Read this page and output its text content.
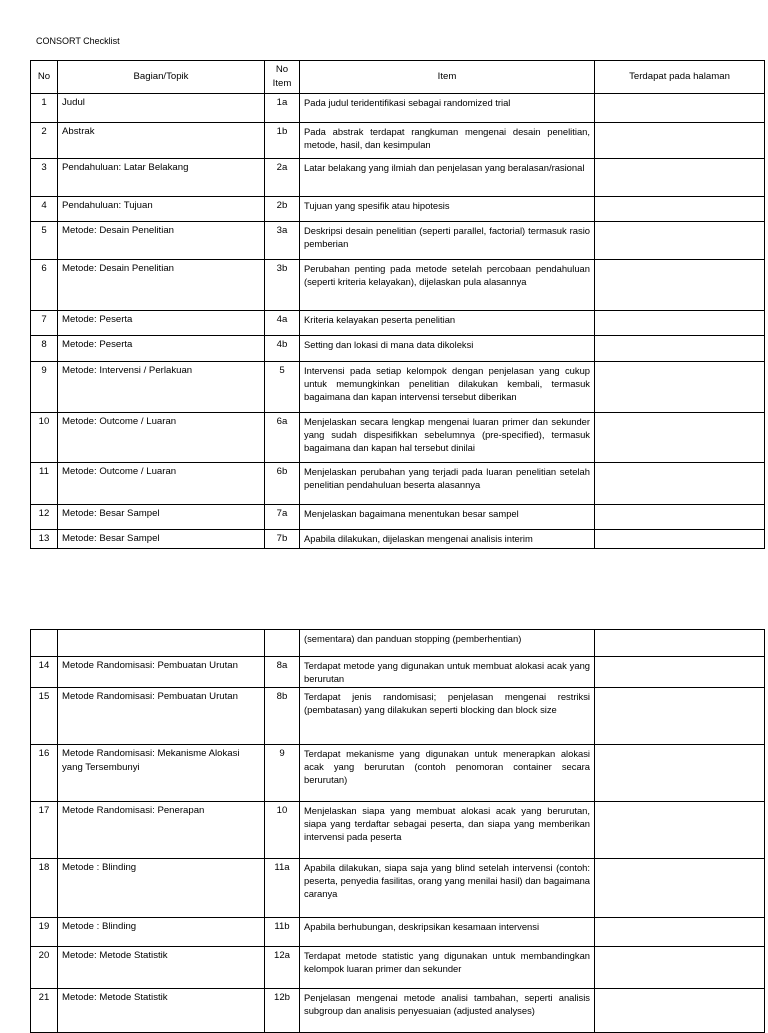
CONSORT Checklist
No	Bagian/Topik	No Item	Item	Terdapat pada halaman
1	Judul	1a	Pada judul teridentifikasi sebagai randomized trial	
2	Abstrak	1b	Pada abstrak terdapat rangkuman mengenai desain penelitian, metode, hasil, dan kesimpulan	
3	Pendahuluan: Latar Belakang	2a	Latar belakang yang ilmiah dan penjelasan yang beralasan/rasional	
4	Pendahuluan: Tujuan	2b	Tujuan yang spesifik atau hipotesis	
5	Metode: Desain Penelitian	3a	Deskripsi desain penelitian (seperti parallel, factorial) termasuk rasio pemberian	
6	Metode: Desain Penelitian	3b	Perubahan penting pada metode setelah percobaan pendahuluan (seperti kriteria kelayakan), dijelaskan pula alasannya	
7	Metode: Peserta	4a	Kriteria kelayakan peserta penelitian	
8	Metode: Peserta	4b	Setting dan lokasi di mana data dikoleksi	
9	Metode: Intervensi / Perlakuan	5	Intervensi pada setiap kelompok dengan penjelasan yang cukup untuk memungkinkan penelitian dilakukan kembali, termasuk bagaimana dan kapan intervensi tersebut diberikan	
10	Metode: Outcome / Luaran	6a	Menjelaskan secara lengkap mengenai luaran primer dan sekunder yang sudah dispesifikkan sebelumnya (pre-specified), termasuk bagaimana dan kapan hal tersebut dinilai	
11	Metode: Outcome / Luaran	6b	Menjelaskan perubahan yang terjadi pada luaran penelitian setelah penelitian pendahuluan beserta alasannya	
12	Metode: Besar Sampel	7a	Menjelaskan bagaimana menentukan besar sampel	
13	Metode: Besar Sampel	7b	Apabila dilakukan, dijelaskan mengenai analisis interim	
			(sementara) dan panduan stopping (pemberhentian)	
14	Metode Randomisasi: Pembuatan Urutan	8a	Terdapat metode yang digunakan untuk membuat alokasi acak yang berurutan	
15	Metode Randomisasi: Pembuatan Urutan	8b	Terdapat jenis randomisasi; penjelasan mengenai restriksi (pembatasan) yang dilakukan seperti blocking dan block size	
16	Metode Randomisasi: Mekanisme Alokasi yang Tersembunyi	9	Terdapat mekanisme yang digunakan untuk menerapkan alokasi acak yang berurutan (contoh penomoran container secara berurutan)	
17	Metode Randomisasi: Penerapan	10	Menjelaskan siapa yang membuat alokasi acak yang berurutan, siapa yang terdaftar sebagai peserta, dan siapa yang memberikan intervensi pada peserta	
18	Metode : Blinding	11a	Apabila dilakukan, siapa saja yang blind setelah intervensi (contoh: peserta, penyedia fasilitas, orang yang menilai hasil) dan bagaimana caranya	
19	Metode : Blinding	11b	Apabila berhubungan, deskripsikan kesamaan intervensi	
20	Metode: Metode Statistik	12a	Terdapat metode statistic yang digunakan untuk membandingkan kelompok luaran primer dan sekunder	
21	Metode: Metode Statistik	12b	Penjelasan mengenai metode analisi tambahan, seperti analisis subgroup dan analisis penyesuaian (adjusted analyses)	
